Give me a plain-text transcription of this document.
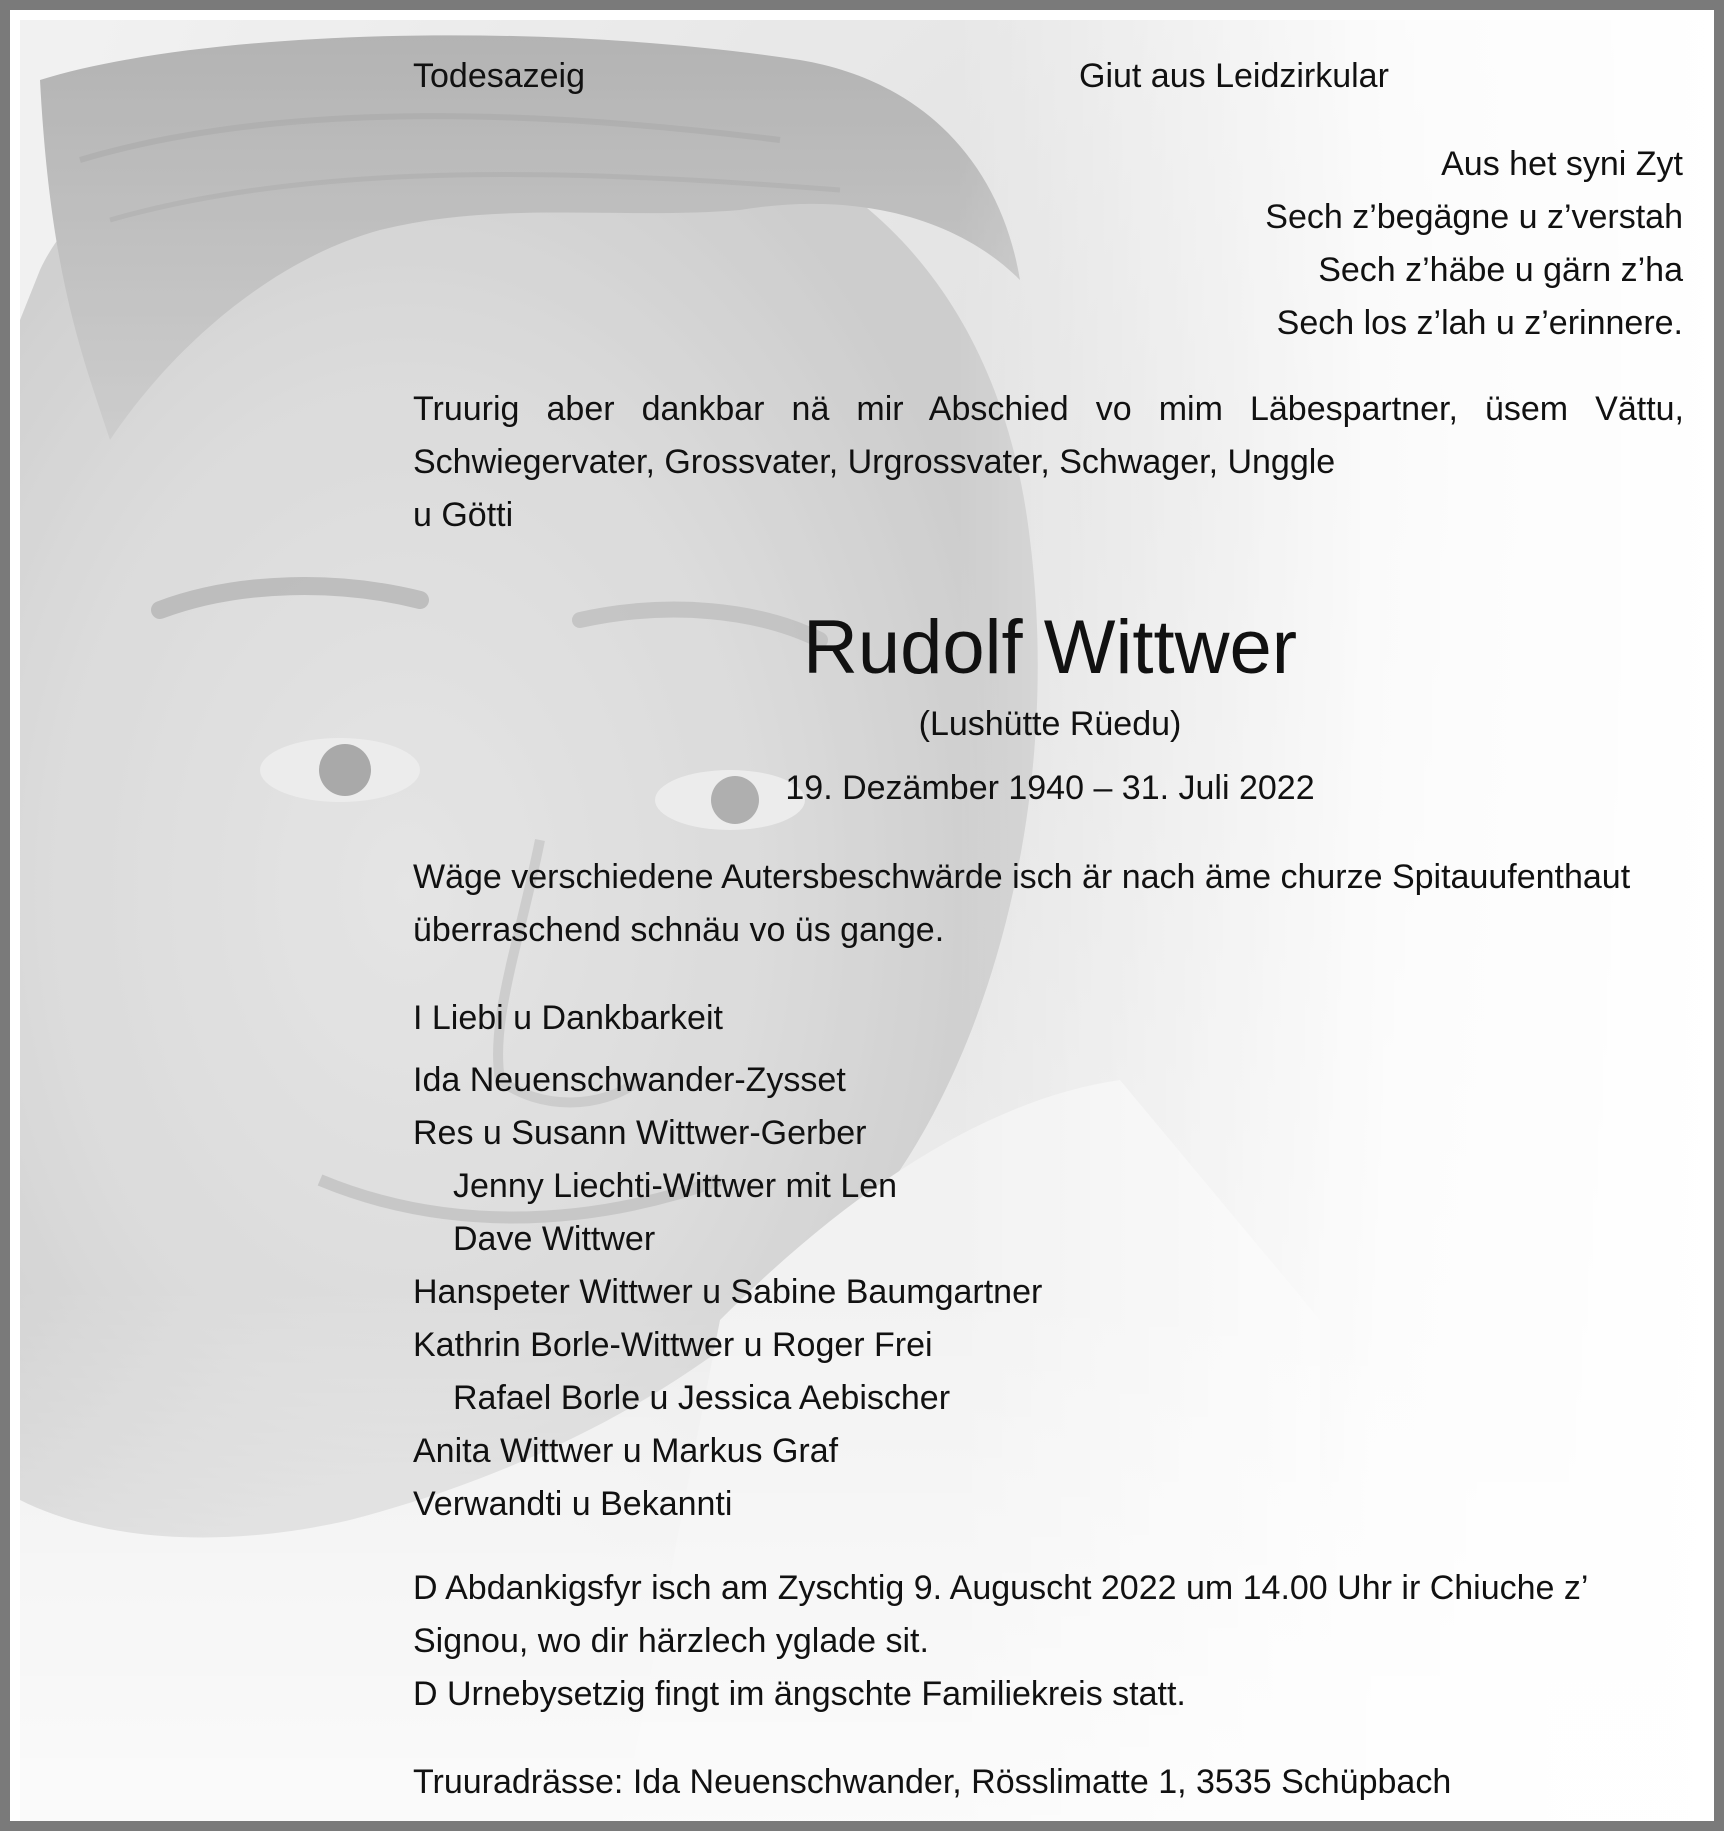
Todesazeig	Giut aus Leidzirkular
Aus het syni Zyt
Sech z’begägne u z’verstah
Sech z’häbe u gärn z’ha
Sech los z’lah u z’erinnere.
Truurig aber dankbar nä mir Abschied vo mim Läbespartner, üsem Vättu,
Schwiegervater, Grossvater, Urgrossvater, Schwager, Unggle
u Götti
Rudolf Wittwer
(Lushütte Rüedu)
19. Dezämber 1940 – 31. Juli 2022
Wäge verschiedene Autersbeschwärde isch är nach äme churze Spitauufenthaut
überraschend schnäu vo üs gange.
I Liebi u Dankbarkeit
Ida Neuenschwander-Zysset
Res u Susann Wittwer-Gerber
Jenny Liechti-Wittwer mit Len
Dave Wittwer
Hanspeter Wittwer u Sabine Baumgartner
Kathrin Borle-Wittwer u Roger Frei
Rafael Borle u Jessica Aebischer
Anita Wittwer u Markus Graf
Verwandti u Bekannti
D Abdankigsfyr isch am Zyschtig 9. Auguscht 2022 um 14.00 Uhr ir Chiuche z’
Signou, wo dir härzlech yglade sit.
D Urnebysetzig fingt im ängschte Familiekreis statt.
Truuradrässe: Ida Neuenschwander, Rösslimatte 1, 3535 Schüpbach
